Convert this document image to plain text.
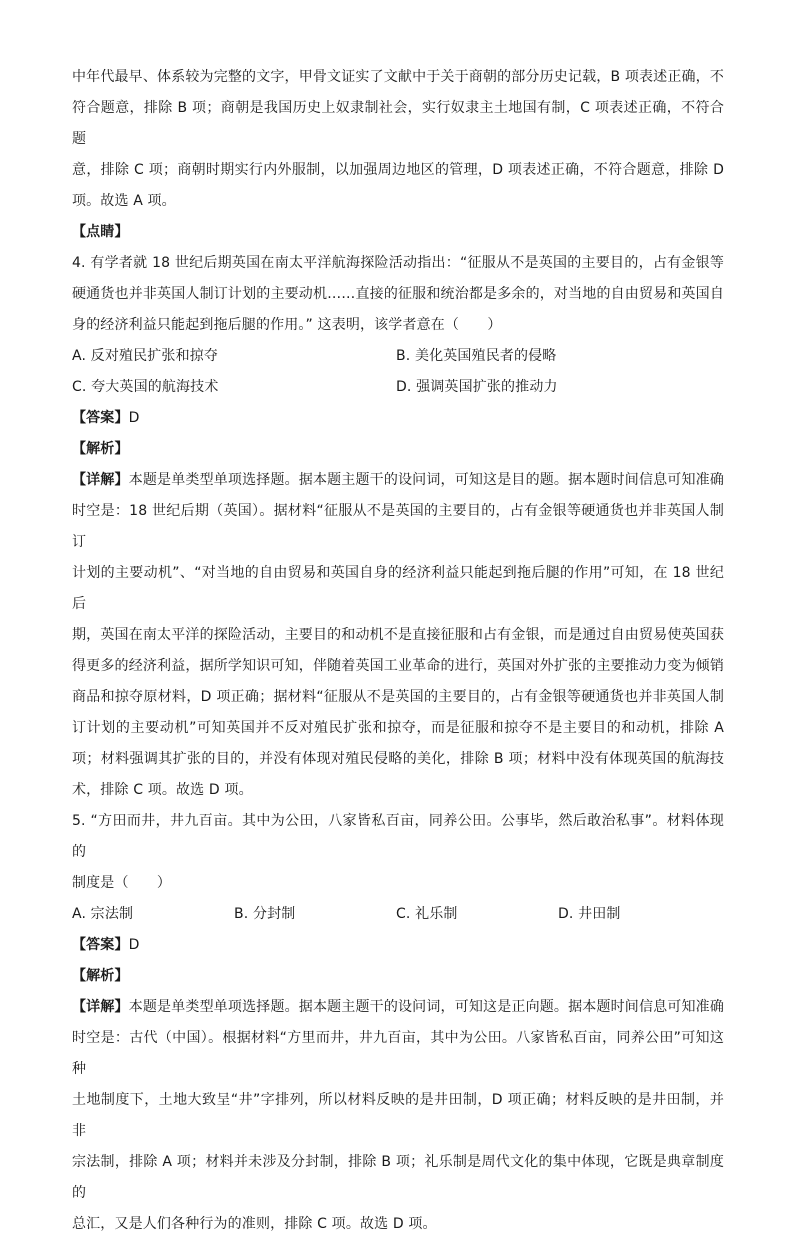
中年代最早、体系较为完整的文字，甲骨文证实了文献中于关于商朝的部分历史记载，B 项表述正确，不

符合题意，排除 B 项；商朝是我国历史上奴隶制社会，实行奴隶主土地国有制，C 项表述正确，不符合题

意，排除 C 项；商朝时期实行内外服制，以加强周边地区的管理，D 项表述正确，不符合题意，排除 D

项。故选 A 项。

【点睛】

4. 有学者就 18 世纪后期英国在南太平洋航海探险活动指出：“征服从不是英国的主要目的，占有金银等

硬通货也并非英国人制订计划的主要动机……直接的征服和统治都是多余的，对当地的自由贸易和英国自

身的经济利益只能起到拖后腿的作用。” 这表明，该学者意在（　　）

A. 反对殖民扩张和掠夺	B. 美化英国殖民者的侵略
C. 夸大英国的航海技术	D. 强调英国扩张的推动力

【答案】D

【解析】

【详解】本题是单类型单项选择题。据本题主题干的设问词，可知这是目的题。据本题时间信息可知准确

时空是：18 世纪后期（英国）。据材料“征服从不是英国的主要目的，占有金银等硬通货也并非英国人制订

计划的主要动机”、“对当地的自由贸易和英国自身的经济利益只能起到拖后腿的作用”可知，在 18 世纪后

期，英国在南太平洋的探险活动，主要目的和动机不是直接征服和占有金银，而是通过自由贸易使英国获

得更多的经济利益，据所学知识可知，伴随着英国工业革命的进行，英国对外扩张的主要推动力变为倾销

商品和掠夺原材料，D 项正确；据材料“征服从不是英国的主要目的，占有金银等硬通货也并非英国人制

订计划的主要动机”可知英国并不反对殖民扩张和掠夺，而是征服和掠夺不是主要目的和动机，排除 A

项；材料强调其扩张的目的，并没有体现对殖民侵略的美化，排除 B 项；材料中没有体现英国的航海技

术，排除 C 项。故选 D 项。

5. “方田而井，井九百亩。其中为公田，八家皆私百亩，同养公田。公事毕，然后敢治私事”。材料体现的

制度是（　　）

A. 宗法制	B. 分封制	C. 礼乐制	D. 井田制

【答案】D

【解析】

【详解】本题是单类型单项选择题。据本题主题干的设问词，可知这是正向题。据本题时间信息可知准确

时空是：古代（中国）。根据材料“方里而井，井九百亩，其中为公田。八家皆私百亩，同养公田”可知这种

土地制度下，土地大致呈“井”字排列，所以材料反映的是井田制，D 项正确；材料反映的是井田制，并非

宗法制，排除 A 项；材料并未涉及分封制，排除 B 项；礼乐制是周代文化的集中体现，它既是典章制度的

总汇，又是人们各种行为的准则，排除 C 项。故选 D 项。
